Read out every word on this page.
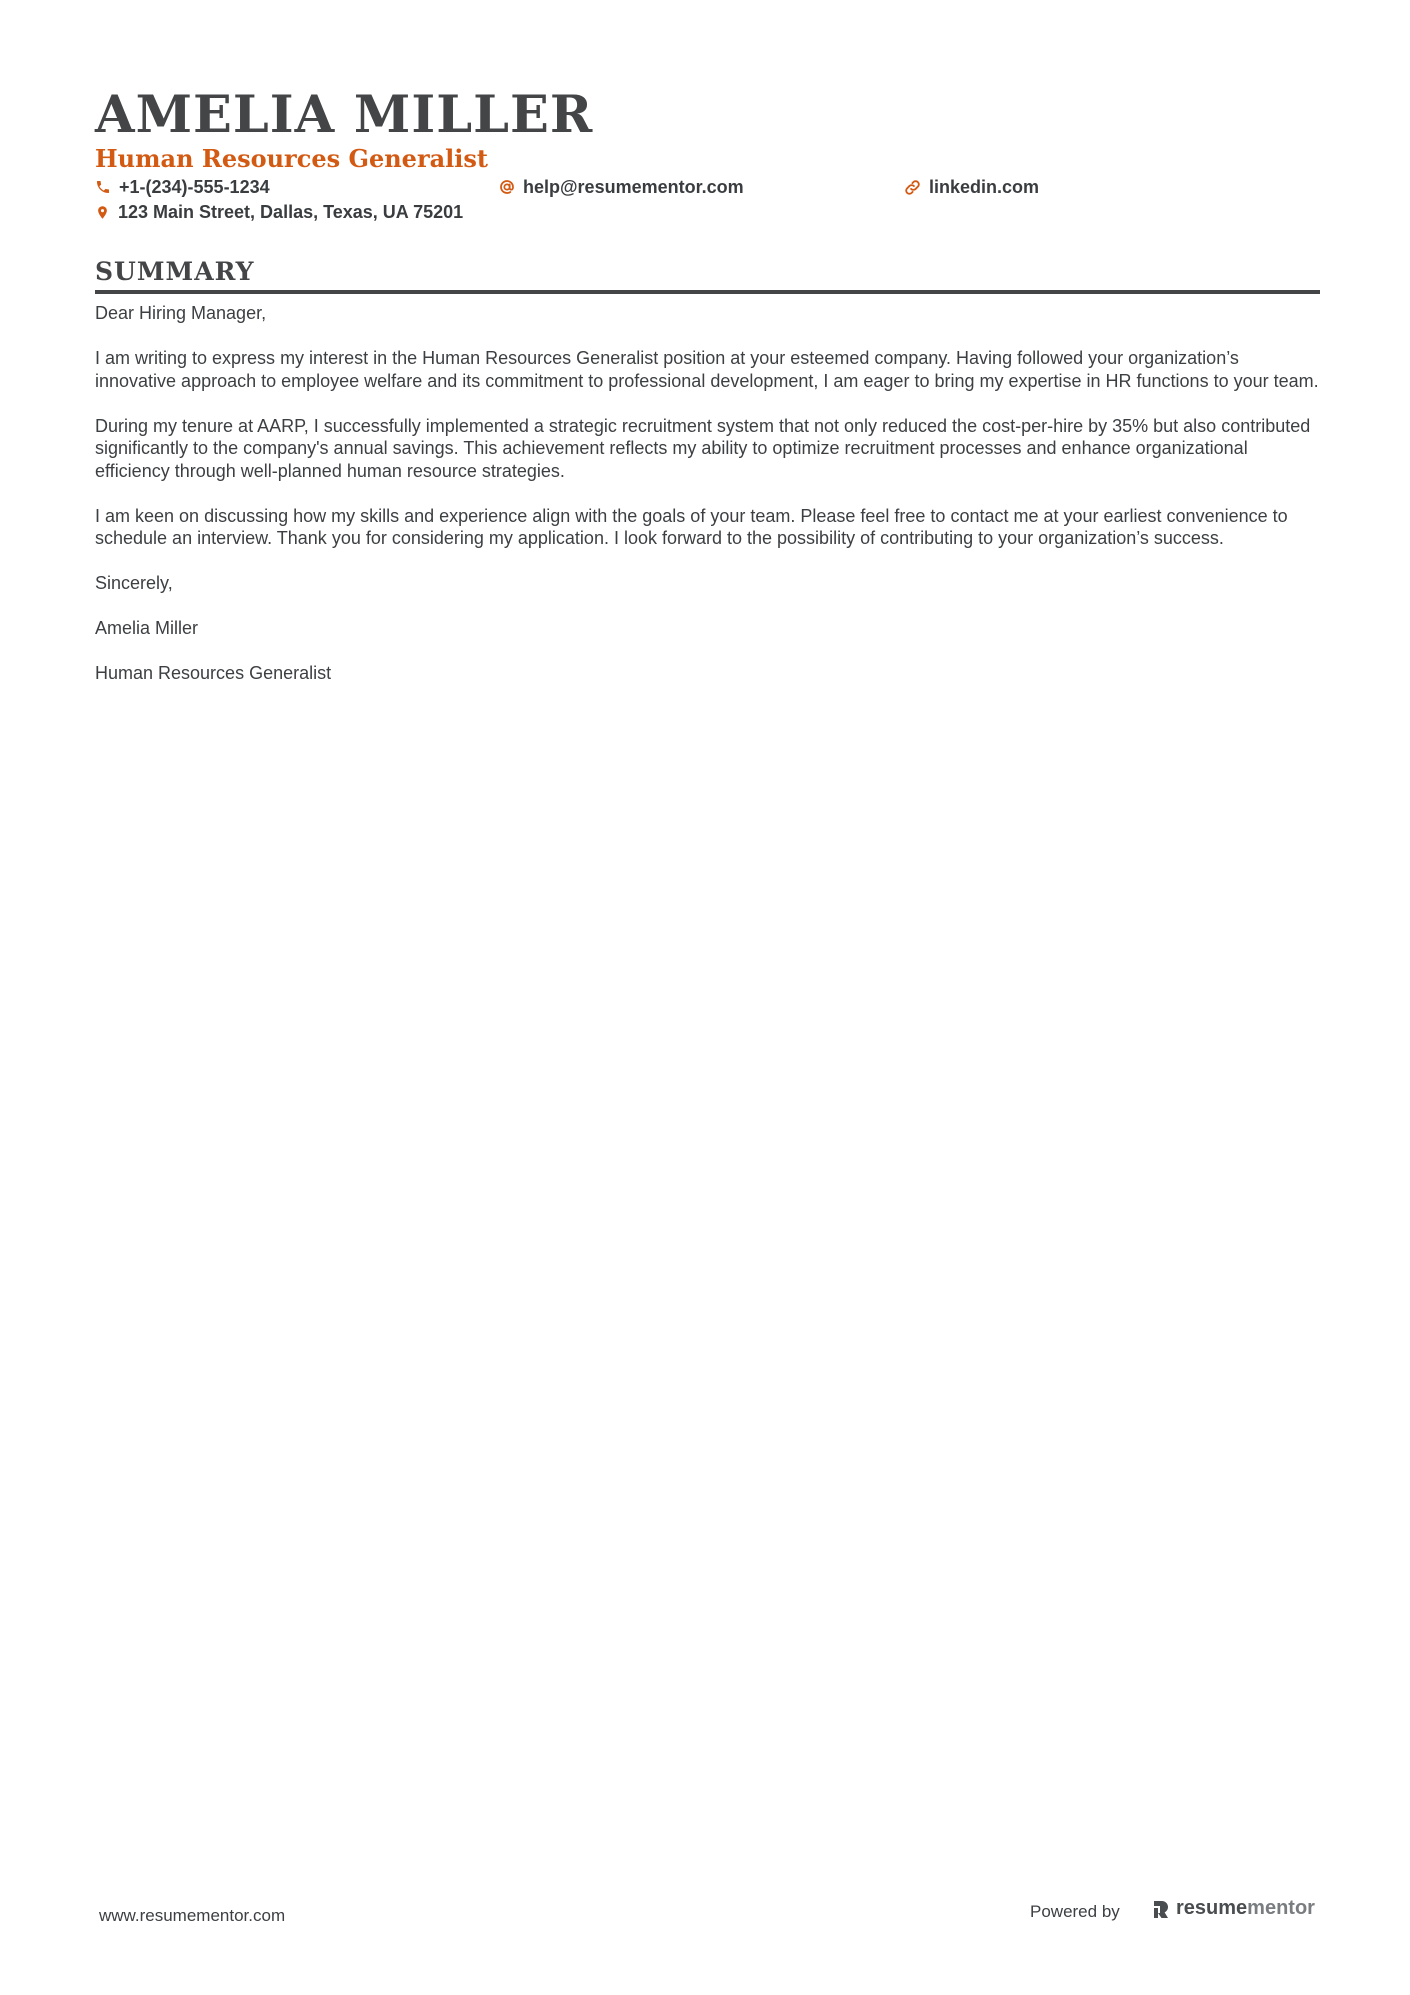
AMELIA MILLER
Human Resources Generalist
+1-(234)-555-1234	help@resumementor.com	linkedin.com
123 Main Street, Dallas, Texas, UA 75201
SUMMARY

Dear Hiring Manager,

I am writing to express my interest in the Human Resources Generalist position at your esteemed company. Having followed your organization’s innovative approach to employee welfare and its commitment to professional development, I am eager to bring my expertise in HR functions to your team.

During my tenure at AARP, I successfully implemented a strategic recruitment system that not only reduced the cost-per-hire by 35% but also contributed significantly to the company's annual savings. This achievement reflects my ability to optimize recruitment processes and enhance organizational efficiency through well-planned human resource strategies.

I am keen on discussing how my skills and experience align with the goals of your team. Please feel free to contact me at your earliest convenience to schedule an interview. Thank you for considering my application. I look forward to the possibility of contributing to your organization’s success.

Sincerely,

Amelia Miller

Human Resources Generalist

www.resumementor.com	Powered by	resume mentor
